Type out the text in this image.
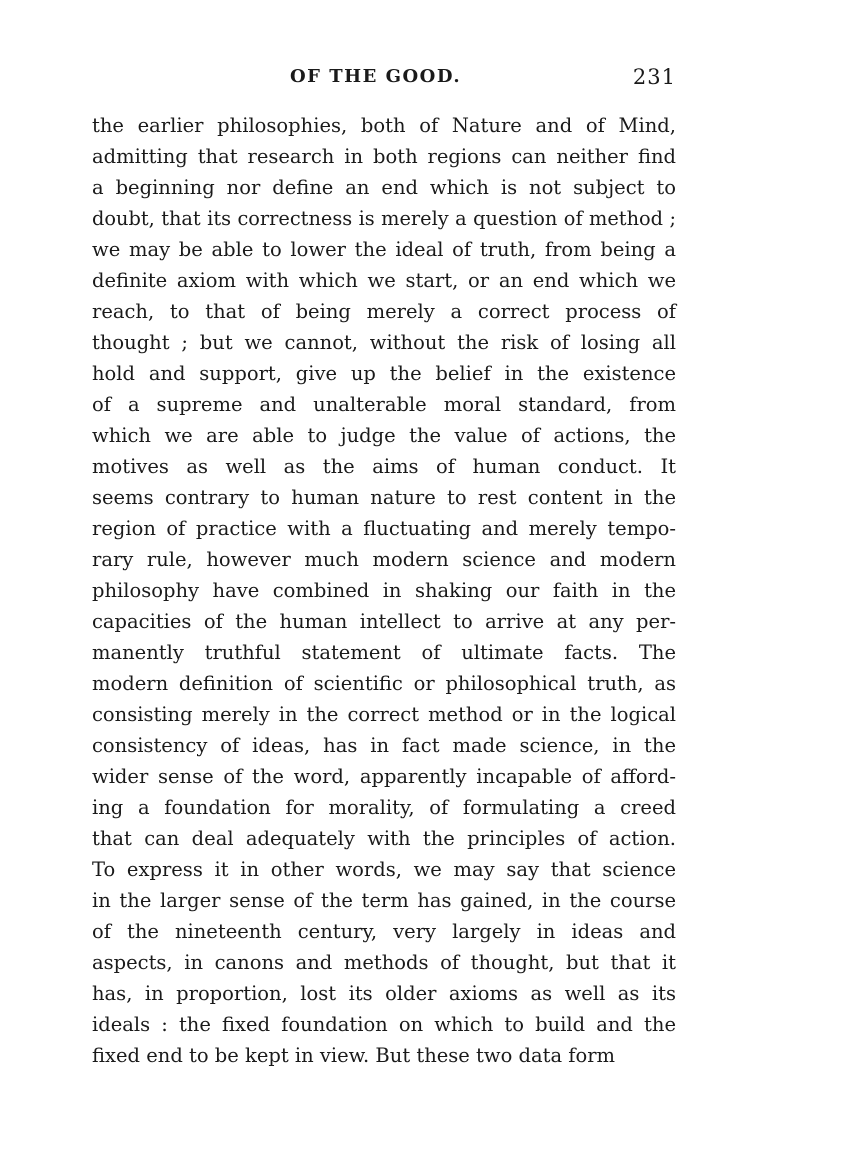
OF THE GOOD.	231
the earlier philosophies, both of Nature and of Mind,
admitting that research in both regions can neither find
a beginning nor define an end which is not subject to
doubt, that its correctness is merely a question of method ;
we may be able to lower the ideal of truth, from being a
definite axiom with which we start, or an end which we
reach, to that of being merely a correct process of
thought ; but we cannot, without the risk of losing all
hold and support, give up the belief in the existence
of a supreme and unalterable moral standard, from
which we are able to judge the value of actions, the
motives as well as the aims of human conduct. It
seems contrary to human nature to rest content in the
region of practice with a fluctuating and merely tempo-
rary rule, however much modern science and modern
philosophy have combined in shaking our faith in the
capacities of the human intellect to arrive at any per-
manently truthful statement of ultimate facts. The
modern definition of scientific or philosophical truth, as
consisting merely in the correct method or in the logical
consistency of ideas, has in fact made science, in the
wider sense of the word, apparently incapable of afford-
ing a foundation for morality, of formulating a creed
that can deal adequately with the principles of action.
To express it in other words, we may say that science
in the larger sense of the term has gained, in the course
of the nineteenth century, very largely in ideas and
aspects, in canons and methods of thought, but that it
has, in proportion, lost its older axioms as well as its
ideals : the fixed foundation on which to build and the
fixed end to be kept in view. But these two data form
